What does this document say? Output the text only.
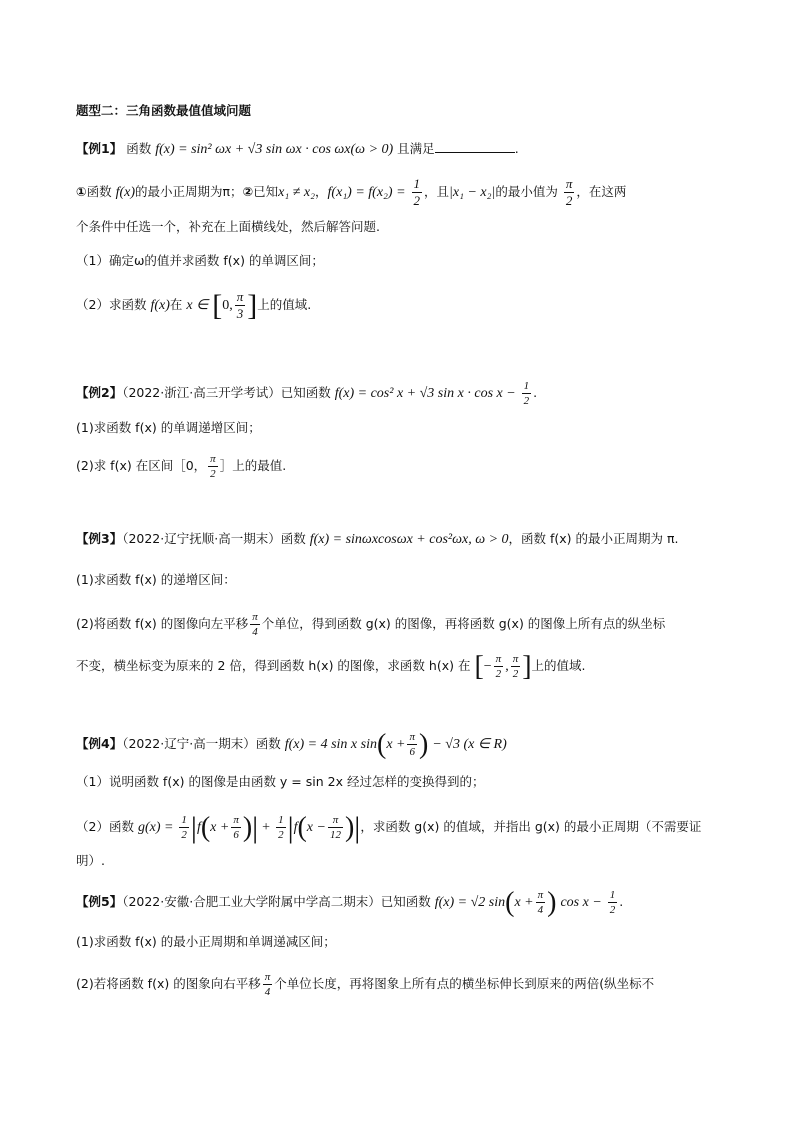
题型二：三角函数最值值域问题
【例1】 函数 f(x) = sin² ωx + √3 sin ωx · cos ωx(ω > 0) 且满足	.
①函数 f(x)的最小正周期为π；②已知x₁ ≠ x₂，$f(x_1) = f(x_2) = \frac{1}{2}$ ，且|x₁ − x₂|的最小值为 $\frac{\pi}{2}$ ，在这两
个条件中任选一个，补充在上面横线处，然后解答问题.
（1）确定ω的值并求函数 f(x) 的单调区间；
（2）求函数 f(x)在 x ∈ [0, $\frac{\pi}{3}$ ]上的值域.
【例2】（2022·浙江·高三开学考试）已知函数 f(x) = cos² x + √3 $\sin x \cdot \cos x - \frac{1}{2}$ .
(1)求函数 f(x) 的单调递增区间；
(2)求 f(x) 在区间［0， $\frac{\pi}{2}$ ］上的最值.
【例3】（2022·辽宁抚顺·高一期末）函数 f(x) = sinωxcosωx + cos²ωx, ω > 0，函数 f(x) 的最小正周期为 π.
(1)求函数 f(x) 的递增区间：
(2)将函数 f(x) 的图像向左平移 $\frac{\pi}{4}$ 个单位，得到函数 g(x) 的图像，再将函数 g(x) 的图像上所有点的纵坐标
不变，横坐标变为原来的 2 倍，得到函数 h(x) 的图像，求函数 h(x) 在 [− $\frac{\pi}{2}$ , $\frac{\pi}{2}$ ]上的值域.
【例4】（2022·辽宁·高一期末）函数 f(x) = 4 sin x $\sin(x + \frac{\pi}{6}$ ) − √3 (x ∈ R)
（1）说明函数 f(x) 的图像是由函数 y = sin 2x 经过怎样的变换得到的；
（2）函数 $g(x) = \frac{1}{2} |f(x + \frac{\pi}{6}$ )| + $\frac{1}{2} |f(x - \frac{\pi}{12}$ )|，求函数 g(x) 的值域，并指出 g(x) 的最小正周期（不需要证
明）.
【例5】（2022·安徽·合肥工业大学附属中学高二期末）已知函数 f(x) = √2 $\sin(x + \frac{\pi}{4}$ ) $\cos x - \frac{1}{2}$ .
(1)求函数 f(x) 的最小正周期和单调递减区间；
(2)若将函数 f(x) 的图象向右平移 $\frac{\pi}{4}$ 个单位长度，再将图象上所有点的横坐标伸长到原来的两倍(纵坐标不
